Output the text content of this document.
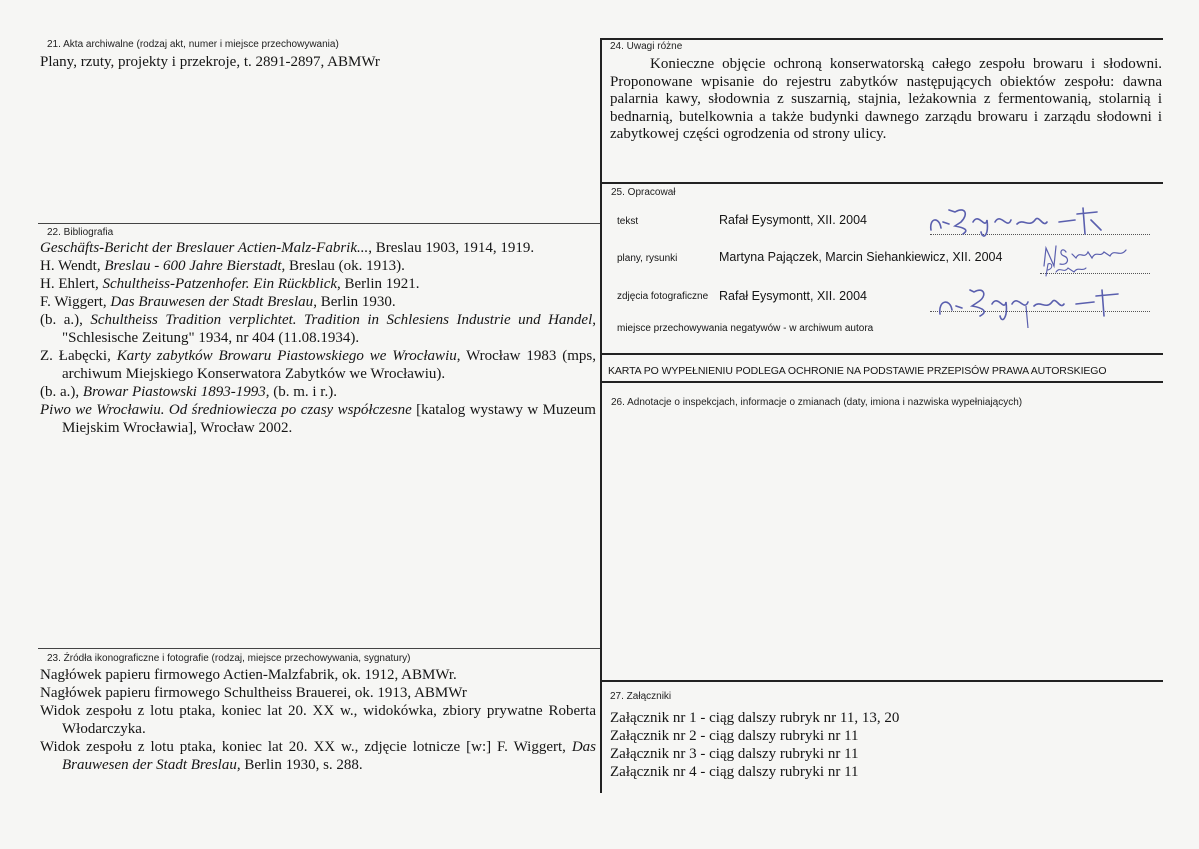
21. Akta archiwalne (rodzaj akt, numer i miejsce przechowywania)
Plany, rzuty, projekty i przekroje, t. 2891-2897, ABMWr
22. Bibliografia

Geschäfts-Bericht der Breslauer Actien-Malz-Fabrik..., Breslau 1903, 1914, 1919.

H. Wendt, Breslau - 600 Jahre Bierstadt, Breslau (ok. 1913).

H. Ehlert, Schultheiss-Patzenhofer. Ein Rückblick, Berlin 1921.

F. Wiggert, Das Brauwesen der Stadt Breslau, Berlin 1930.

(b. a.), Schultheiss Tradition verplichtet. Tradition in Schlesiens Industrie und Handel, "Schlesische Zeitung" 1934, nr 404 (11.08.1934).

Z. Łabęcki, Karty zabytków Browaru Piastowskiego we Wrocławiu, Wrocław 1983 (mps, archiwum Miejskiego Konserwatora Zabytków we Wrocławiu).

(b. a.), Browar Piastowski 1893-1993, (b. m. i r.).

Piwo we Wrocławiu. Od średniowiecza po czasy współczesne [katalog wystawy w Muzeum Miejskim Wrocławia], Wrocław 2002.

23. Źródła ikonograficzne i fotografie (rodzaj, miejsce przechowywania, sygnatury)

Nagłówek papieru firmowego Actien-Malzfabrik, ok. 1912, ABMWr.

Nagłówek papieru firmowego Schultheiss Brauerei, ok. 1913, ABMWr

Widok zespołu z lotu ptaka, koniec lat 20. XX w., widokówka, zbiory prywatne Roberta Włodarczyka.

Widok zespołu z lotu ptaka, koniec lat 20. XX w., zdjęcie lotnicze [w:] F. Wiggert, Das Brauwesen der Stadt Breslau, Berlin 1930, s. 288.

24. Uwagi różne
Konieczne objęcie ochroną konserwatorską całego zespołu browaru i słodowni. Proponowane wpisanie do rejestru zabytków następujących obiektów zespołu: dawna palarnia kawy, słodownia z suszarnią, stajnia, leżakownia z fermentowanią, stolarnią i bednarnią, butelkownia a także budynki dawnego zarządu browaru i zarządu słodowni i zabytkowej części ogrodzenia od strony ulicy.
25. Opracował
tekst	Rafał Eysymontt, XII. 2004
plany, rysunki	Martyna Pajączek, Marcin Siehankiewicz, XII. 2004
zdjęcia fotograficzne Rafał Eysymontt, XII. 2004
miejsce przechowywania negatywów - w archiwum autora
KARTA PO WYPEŁNIENIU PODLEGA OCHRONIE NA PODSTAWIE PRZEPISÓW PRAWA AUTORSKIEGO
26. Adnotacje o inspekcjach, informacje o zmianach (daty, imiona i nazwiska wypełniających)
27. Załączniki

Załącznik nr 1 - ciąg dalszy rubryk nr 11, 13, 20

Załącznik nr 2 - ciąg dalszy rubryki nr 11

Załącznik nr 3 - ciąg dalszy rubryki nr 11

Załącznik nr 4 - ciąg dalszy rubryki nr 11
